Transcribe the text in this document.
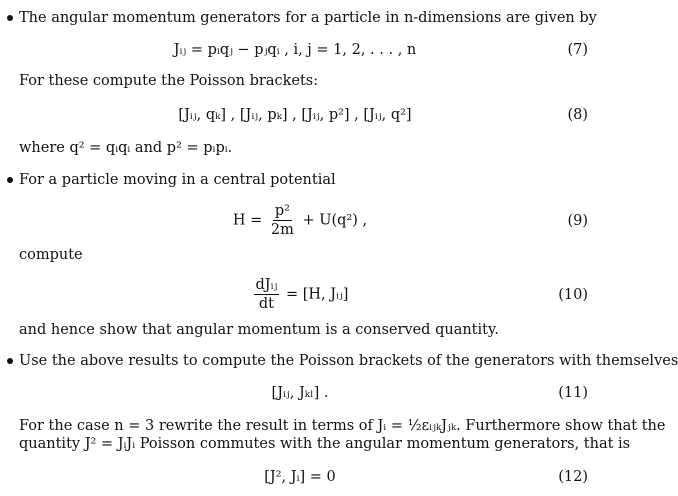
The angular momentum generators for a particle in n-dimensions are given by
Jᵢⱼ = pᵢqⱼ − pⱼqᵢ , i, j = 1, 2, . . . , n	(7)
For these compute the Poisson brackets:
[Jᵢⱼ, qₖ] , [Jᵢⱼ, pₖ] , [Jᵢⱼ, p²] , [Jᵢⱼ, q²]	(8)
where q² = qᵢqᵢ and p² = pᵢpᵢ.
For a particle moving in a central potential
$H = \frac{\text{p²}}{2m} + U(q^2)$ ,	(9)
compute
$\frac{\text{dJᵢⱼ}}{dt} = [H$, Jᵢⱼ]	(10)
and hence show that angular momentum is a conserved quantity.
Use the above results to compute the Poisson brackets of the generators with themselves
[Jᵢⱼ, Jₖₗ] .	(11)
For the case n = 3 rewrite the result in terms of Jᵢ = ½εᵢⱼₖJⱼₖ. Furthermore show that the
quantity J² = JᵢJᵢ Poisson commutes with the angular momentum generators, that is
[J², Jᵢ] = 0	(12)
